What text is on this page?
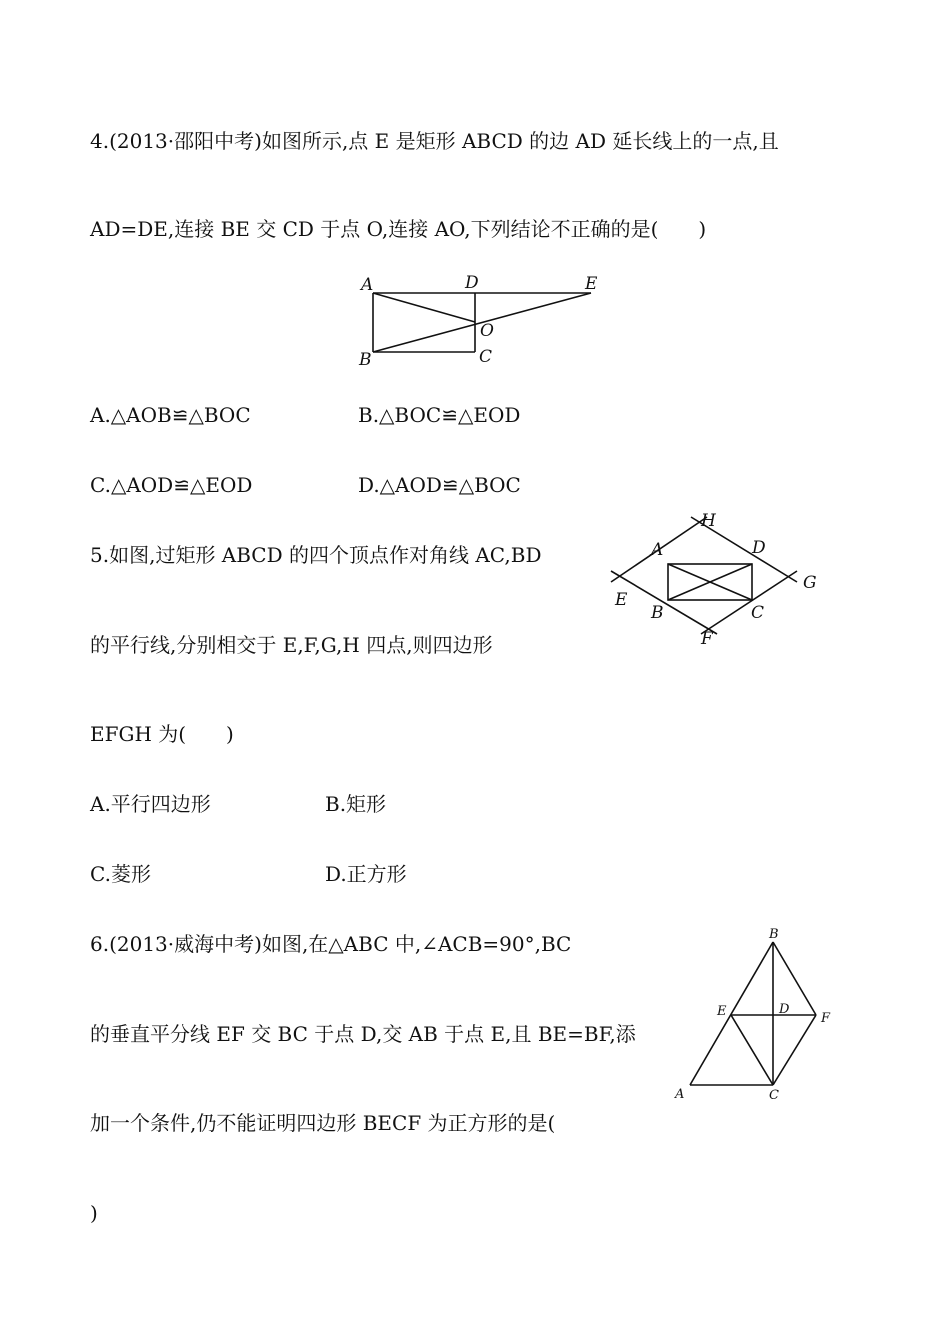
4.(2013·邵阳中考)如图所示,点 E 是矩形 ABCD 的边 AD 延长线上的一点,且
AD=DE,连接 BE 交 CD 于点 O,连接 AO,下列结论不正确的是(　　)
A	D	E
O
B	C
A.△AOB≌△BOC	B.△BOC≌△EOD
C.△AOD≌△EOD	D.△AOD≌△BOC
5.如图,过矩形 ABCD 的四个顶点作对角线 AC,BD
的平行线,分别相交于 E,F,G,H 四点,则四边形
EFGH 为(　　)
A	D
B	C
E
F
G
H
A.平行四边形	B.矩形
C.菱形	D.正方形
6.(2013·威海中考)如图,在△ABC 中,∠ACB=90°,BC
的垂直平分线 EF 交 BC 于点 D,交 AB 于点 E,且 BE=BF,添
加一个条件,仍不能证明四边形 BECF 为正方形的是(
)
B
E	D
F
A	C
